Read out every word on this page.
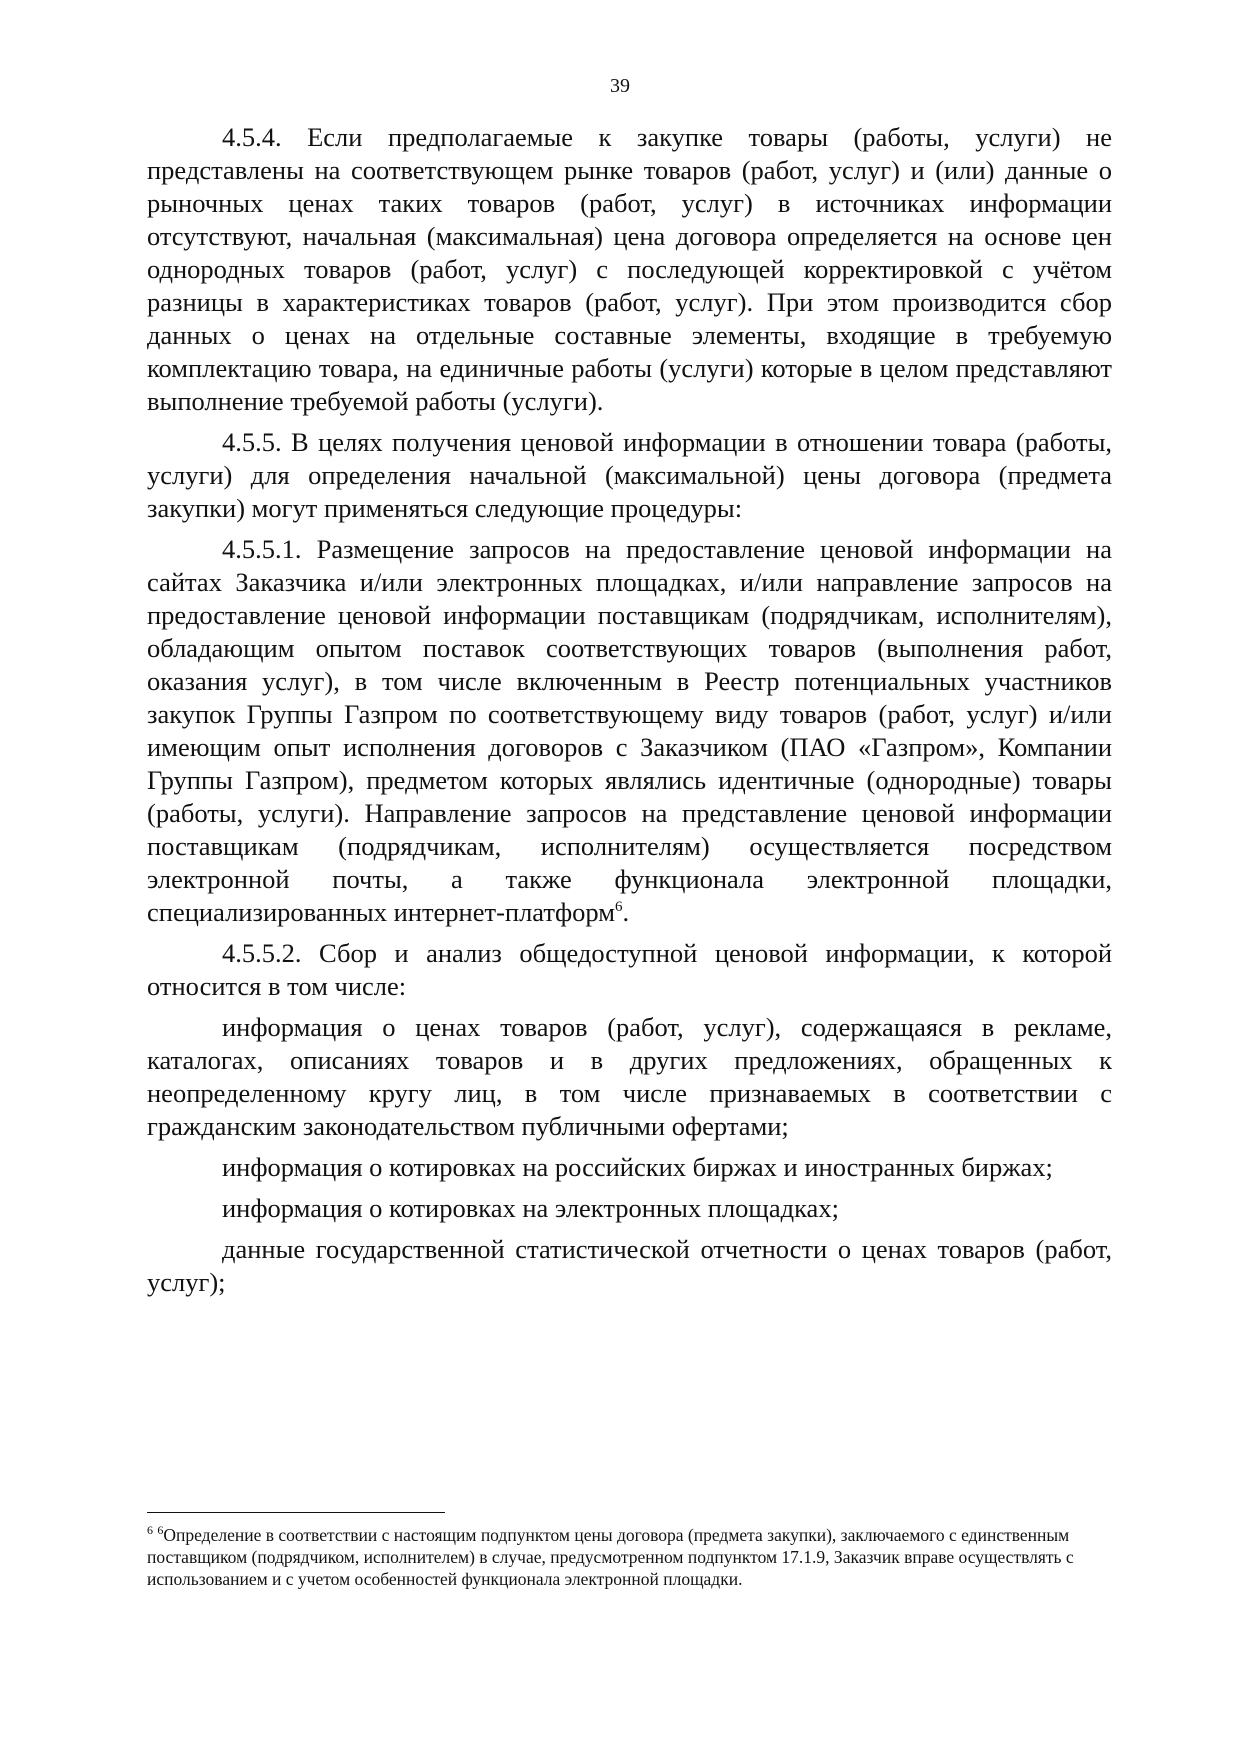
39

4.5.4. Если предполагаемые к закупке товары (работы, услуги) не представлены на соответствующем рынке товаров (работ, услуг) и (или) данные о рыночных ценах таких товаров (работ, услуг) в источниках информации отсутствуют, начальная (максимальная) цена договора определяется на основе цен однородных товаров (работ, услуг) с последующей корректировкой с учётом разницы в характеристиках товаров (работ, услуг). При этом производится сбор данных о ценах на отдельные составные элементы, входящие в требуемую комплектацию товара, на единичные работы (услуги) которые в целом представляют выполнение требуемой работы (услуги).

4.5.5. В целях получения ценовой информации в отношении товара (работы, услуги) для определения начальной (максимальной) цены договора (предмета закупки) могут применяться следующие процедуры:

4.5.5.1. Размещение запросов на предоставление ценовой информации на сайтах Заказчика и/или электронных площадках, и/или направление запросов на предоставление ценовой информации поставщикам (подрядчикам, исполнителям), обладающим опытом поставок соответствующих товаров (выполнения работ, оказания услуг), в том числе включенным в Реестр потенциальных участников закупок Группы Газпром по соответствующему виду товаров (работ, услуг) и/или имеющим опыт исполнения договоров с Заказчиком (ПАО «Газпром», Компании Группы Газпром), предметом которых являлись идентичные (однородные) товары (работы, услуги). Направление запросов на представление ценовой информации поставщикам (подрядчикам, исполнителям) осуществляется посредством электронной почты, а также функционала электронной площадки, специализированных интернет-платформ$^6$.

4.5.5.2. Сбор и анализ общедоступной ценовой информации, к которой относится в том числе:

информация о ценах товаров (работ, услуг), содержащаяся в рекламе, каталогах, описаниях товаров и в других предложениях, обращенных к неопределенному кругу лиц, в том числе признаваемых в соответствии с гражданским законодательством публичными офертами;

информация о котировках на российских биржах и иностранных биржах;

информация о котировках на электронных площадках;

данные государственной статистической отчетности о ценах товаров (работ, услуг);

$^6$ $^6$Определение в соответствии с настоящим подпунктом цены договора (предмета закупки), заключаемого с единственным поставщиком (подрядчиком, исполнителем) в случае, предусмотренном подпунктом 17.1.9, Заказчик вправе осуществлять с использованием и с учетом особенностей функционала электронной площадки.
